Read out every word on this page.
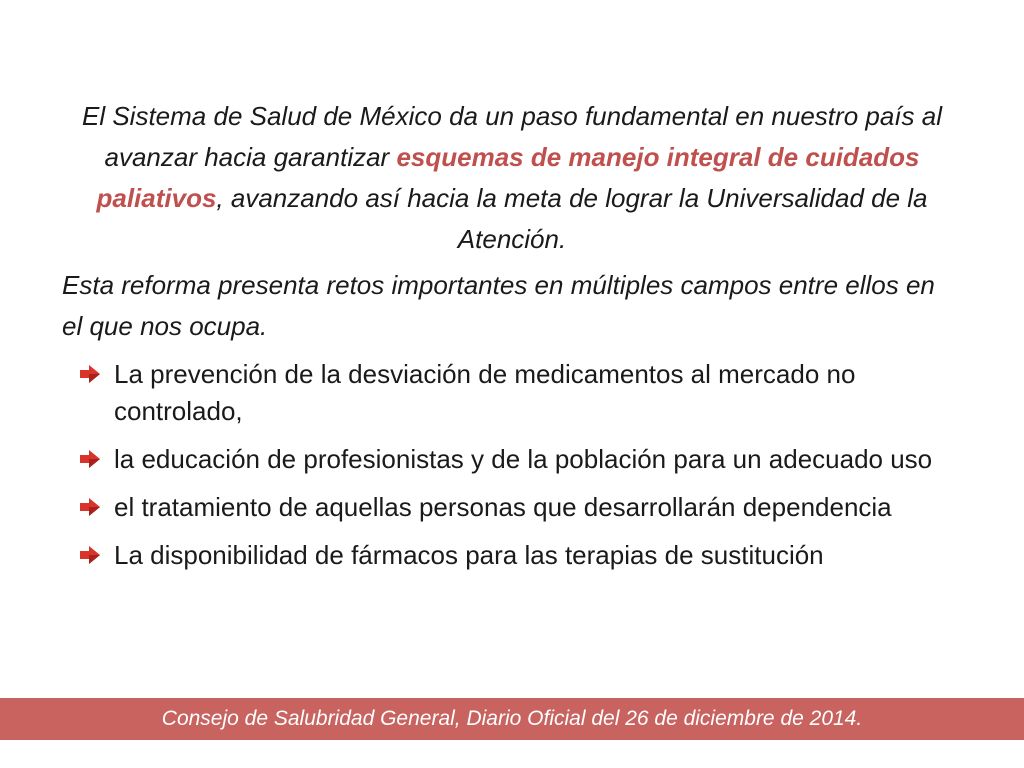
El Sistema de Salud de México da un paso fundamental en nuestro país al avanzar hacia garantizar esquemas de manejo integral de cuidados paliativos, avanzando así hacia la meta de lograr la Universalidad de la Atención.

Esta reforma presenta retos importantes en múltiples campos entre ellos en el que nos ocupa.

La prevención de la desviación de medicamentos al mercado no controlado,
la educación de profesionistas y de la población para un adecuado uso
el tratamiento de aquellas personas que desarrollarán dependencia
La disponibilidad de fármacos para las terapias de sustitución
Consejo de Salubridad General, Diario Oficial del 26 de diciembre de 2014.
